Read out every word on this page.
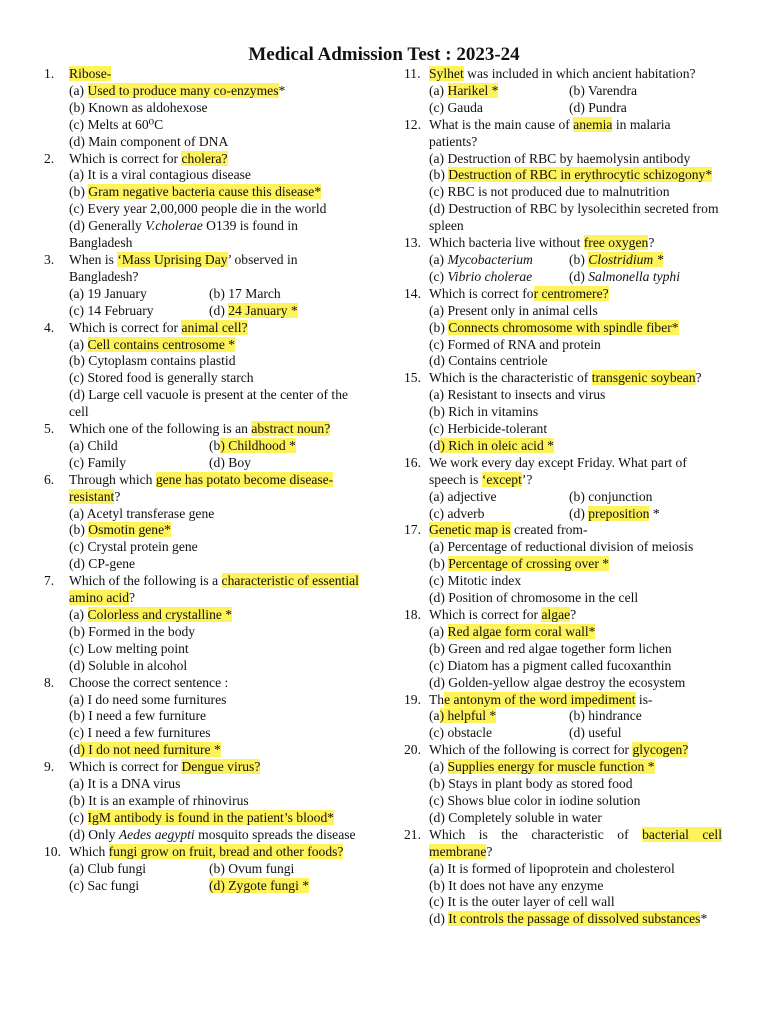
Medical Admission Test : 2023-24
1. Ribose-
(a) Used to produce many co-enzymes*
(b) Known as aldohexose
(c) Melts at 60⁰C
(d) Main component of DNA
2. Which is correct for cholera?
(a) It is a viral contagious disease
(b) Gram negative bacteria cause this disease*
(c) Every year 2,00,000 people die in the world
(d) Generally V.cholerae O139 is found in Bangladesh
3. When is ‘Mass Uprising Day’ observed in Bangladesh?
(a) 19 January	(b) 17 March
(c) 14 February	(d) 24 January *
4. Which is correct for animal cell?
(a) Cell contains centrosome *
(b) Cytoplasm contains plastid
(c) Stored food is generally starch
(d) Large cell vacuole is present at the center of the cell
5. Which one of the following is an abstract noun?
(a) Child	(b) Childhood *
(c) Family	(d) Boy
6. Through which gene has potato become disease-resistant?
(a) Acetyl transferase gene
(b) Osmotin gene*
(c) Crystal protein gene
(d) CP-gene
7. Which of the following is a characteristic of essential amino acid?
(a) Colorless and crystalline *
(b) Formed in the body
(c) Low melting point
(d) Soluble in alcohol
8. Choose the correct sentence :
(a) I do need some furnitures
(b) I need a few furniture
(c) I need a few furnitures
(d) I do not need furniture *
9. Which is correct for Dengue virus?
(a) It is a DNA virus
(b) It is an example of rhinovirus
(c) IgM antibody is found in the patient’s blood*
(d) Only Aedes aegypti mosquito spreads the disease
10. Which fungi grow on fruit, bread and other foods?
(a) Club fungi	(b) Ovum fungi
(c) Sac fungi	(d) Zygote fungi *
11. Sylhet was included in which ancient habitation?
(a) Harikel *	(b) Varendra
(c) Gauda	(d) Pundra
12. What is the main cause of anemia in malaria patients?
(a) Destruction of RBC by haemolysin antibody
(b) Destruction of RBC in erythrocytic schizogony*
(c) RBC is not produced due to malnutrition
(d) Destruction of RBC by lysolecithin secreted from spleen
13. Which bacteria live without free oxygen?
(a) Mycobacterium	(b) Clostridium *
(c) Vibrio cholerae	(d) Salmonella typhi
14. Which is correct for centromere?
(a) Present only in animal cells
(b) Connects chromosome with spindle fiber*
(c) Formed of RNA and protein
(d) Contains centriole
15. Which is the characteristic of transgenic soybean?
(a) Resistant to insects and virus
(b) Rich in vitamins
(c) Herbicide-tolerant
(d) Rich in oleic acid *
16. We work every day except Friday. What part of speech is ‘except’?
(a) adjective	(b) conjunction
(c) adverb	(d) preposition *
17. Genetic map is created from-
(a) Percentage of reductional division of meiosis
(b) Percentage of crossing over *
(c) Mitotic index
(d) Position of chromosome in the cell
18. Which is correct for algae?
(a) Red algae form coral wall*
(b) Green and red algae together form lichen
(c) Diatom has a pigment called fucoxanthin
(d) Golden-yellow algae destroy the ecosystem
19. The antonym of the word impediment is-
(a) helpful *	(b) hindrance
(c) obstacle	(d) useful
20. Which of the following is correct for glycogen?
(a) Supplies energy for muscle function *
(b) Stays in plant body as stored food
(c) Shows blue color in iodine solution
(d) Completely soluble in water
21. Which is the characteristic of bacterial cell membrane?
(a) It is formed of lipoprotein and cholesterol
(b) It does not have any enzyme
(c) It is the outer layer of cell wall
(d) It controls the passage of dissolved substances*
